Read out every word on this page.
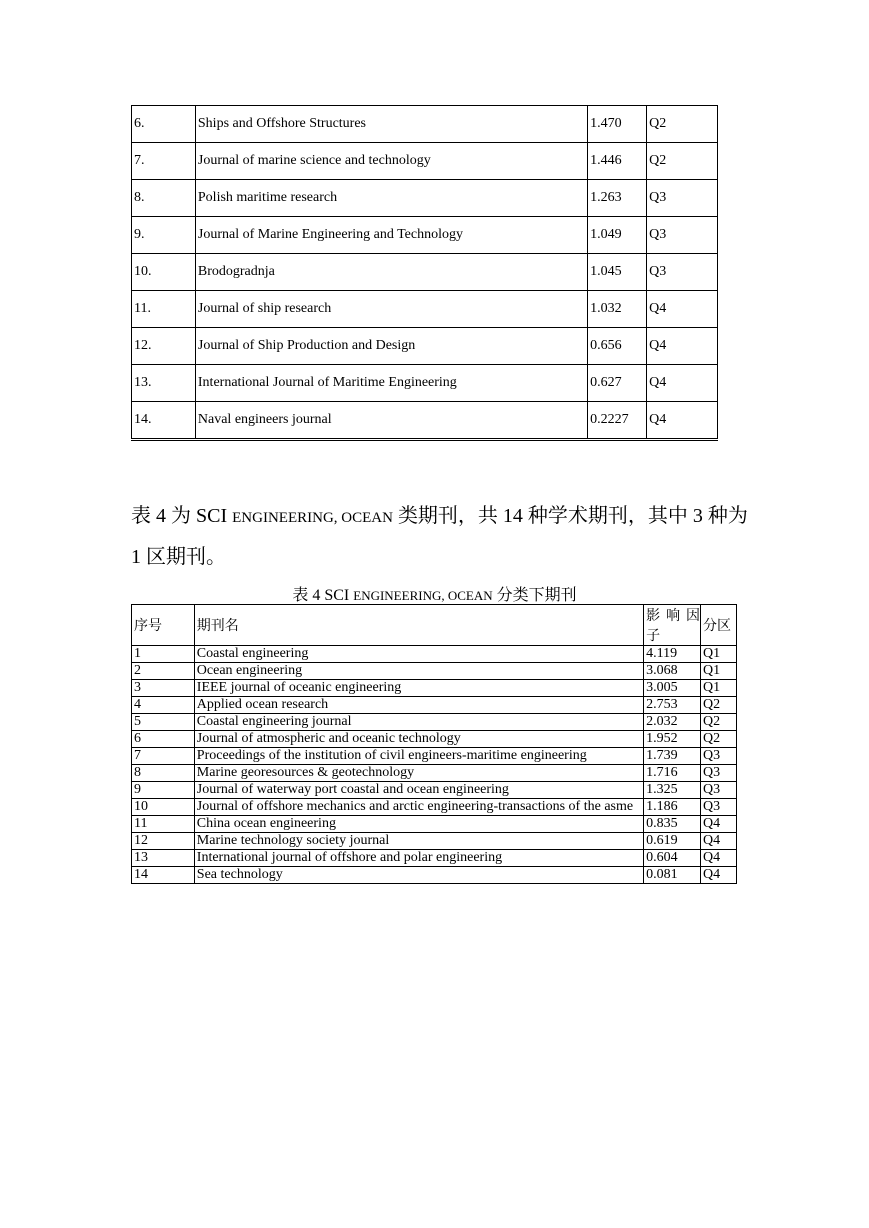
6.	Ships and Offshore Structures	1.470	Q2
7.	Journal of marine science and technology	1.446	Q2
8.	Polish maritime research	1.263	Q3
9.	Journal of Marine Engineering and Technology	1.049	Q3
10.	Brodogradnja	1.045	Q3
11.	Journal of ship research	1.032	Q4
12.	Journal of Ship Production and Design	0.656	Q4
13.	International Journal of Maritime Engineering	0.627	Q4
14.	Naval engineers journal	0.2227	Q4

表 4 为 SCI ENGINEERING, OCEAN 类期刊，共 14 种学术期刊，其中 3 种为 1 区期刊。

表 4 SCI ENGINEERING, OCEAN 分类下期刊

序号	期刊名	影 响 因 子	分区
1	Coastal engineering	4.119	Q1
2	Ocean engineering	3.068	Q1
3	IEEE journal of oceanic engineering	3.005	Q1
4	Applied ocean research	2.753	Q2
5	Coastal engineering journal	2.032	Q2
6	Journal of atmospheric and oceanic technology	1.952	Q2
7	Proceedings of the institution of civil engineers-maritime engineering	1.739	Q3
8	Marine georesources & geotechnology	1.716	Q3
9	Journal of waterway port coastal and ocean engineering	1.325	Q3
10	Journal of offshore mechanics and arctic engineering-transactions of the asme	1.186	Q3
11	China ocean engineering	0.835	Q4
12	Marine technology society journal	0.619	Q4
13	International journal of offshore and polar engineering	0.604	Q4
14	Sea technology	0.081	Q4
